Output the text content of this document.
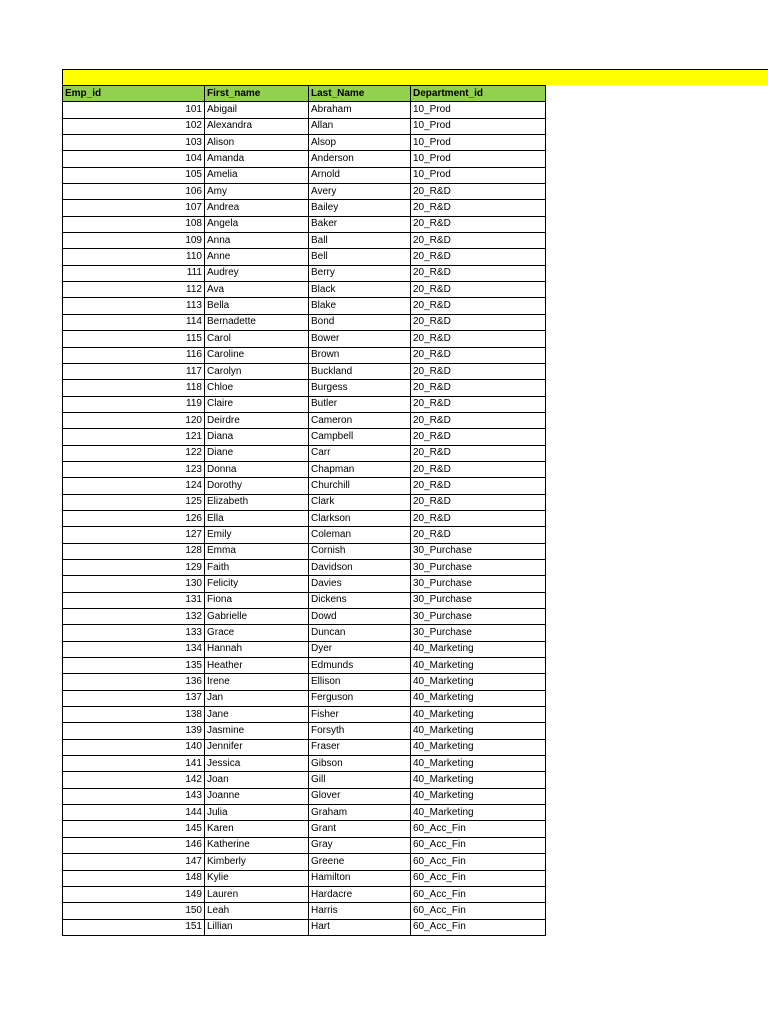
Emp_id	First_name	Last_Name	Department_id
101	Abigail	Abraham	10_Prod
102	Alexandra	Allan	10_Prod
103	Alison	Alsop	10_Prod
104	Amanda	Anderson	10_Prod
105	Amelia	Arnold	10_Prod
106	Amy	Avery	20_R&D
107	Andrea	Bailey	20_R&D
108	Angela	Baker	20_R&D
109	Anna	Ball	20_R&D
110	Anne	Bell	20_R&D
111	Audrey	Berry	20_R&D
112	Ava	Black	20_R&D
113	Bella	Blake	20_R&D
114	Bernadette	Bond	20_R&D
115	Carol	Bower	20_R&D
116	Caroline	Brown	20_R&D
117	Carolyn	Buckland	20_R&D
118	Chloe	Burgess	20_R&D
119	Claire	Butler	20_R&D
120	Deirdre	Cameron	20_R&D
121	Diana	Campbell	20_R&D
122	Diane	Carr	20_R&D
123	Donna	Chapman	20_R&D
124	Dorothy	Churchill	20_R&D
125	Elizabeth	Clark	20_R&D
126	Ella	Clarkson	20_R&D
127	Emily	Coleman	20_R&D
128	Emma	Cornish	30_Purchase
129	Faith	Davidson	30_Purchase
130	Felicity	Davies	30_Purchase
131	Fiona	Dickens	30_Purchase
132	Gabrielle	Dowd	30_Purchase
133	Grace	Duncan	30_Purchase
134	Hannah	Dyer	40_Marketing
135	Heather	Edmunds	40_Marketing
136	Irene	Ellison	40_Marketing
137	Jan	Ferguson	40_Marketing
138	Jane	Fisher	40_Marketing
139	Jasmine	Forsyth	40_Marketing
140	Jennifer	Fraser	40_Marketing
141	Jessica	Gibson	40_Marketing
142	Joan	Gill	40_Marketing
143	Joanne	Glover	40_Marketing
144	Julia	Graham	40_Marketing
145	Karen	Grant	60_Acc_Fin
146	Katherine	Gray	60_Acc_Fin
147	Kimberly	Greene	60_Acc_Fin
148	Kylie	Hamilton	60_Acc_Fin
149	Lauren	Hardacre	60_Acc_Fin
150	Leah	Harris	60_Acc_Fin
151	Lillian	Hart	60_Acc_Fin
